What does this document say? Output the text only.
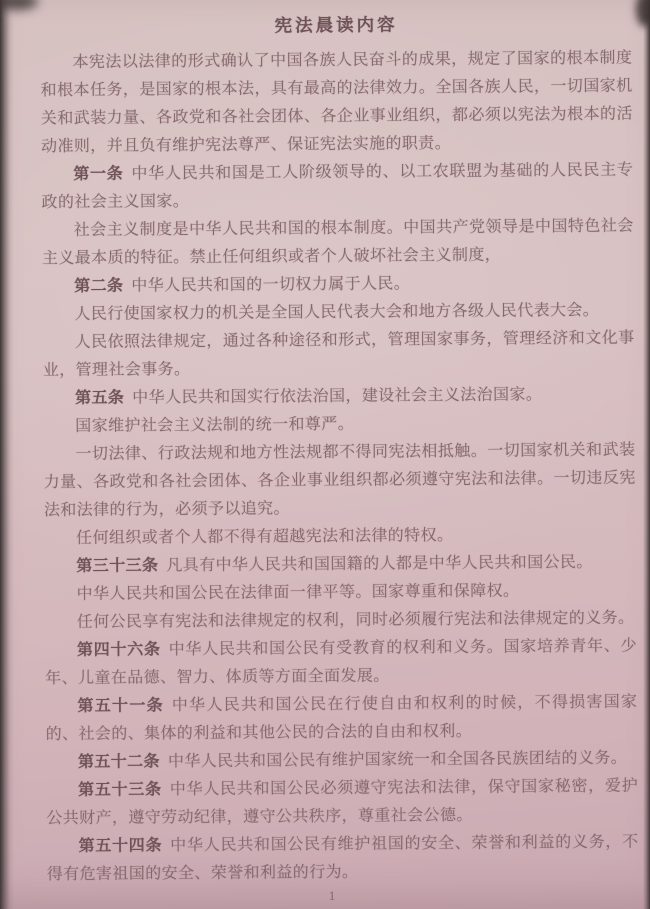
宪法晨读内容

本宪法以法律的形式确认了中国各族人民奋斗的成果，规定了国家的根本制度和根本任务，是国家的根本法，具有最高的法律效力。全国各族人民，一切国家机关和武装力量、各政党和各社会团体、各企业事业组织，都必须以宪法为根本的活动准则，并且负有维护宪法尊严、保证宪法实施的职责。

第一条 中华人民共和国是工人阶级领导的、以工农联盟为基础的人民民主专政的社会主义国家。

社会主义制度是中华人民共和国的根本制度。中国共产党领导是中国特色社会主义最本质的特征。禁止任何组织或者个人破坏社会主义制度，

第二条 中华人民共和国的一切权力属于人民。

人民行使国家权力的机关是全国人民代表大会和地方各级人民代表大会。

人民依照法律规定，通过各种途径和形式，管理国家事务，管理经济和文化事业，管理社会事务。

第五条 中华人民共和国实行依法治国，建设社会主义法治国家。

国家维护社会主义法制的统一和尊严。

一切法律、行政法规和地方性法规都不得同宪法相抵触。一切国家机关和武装力量、各政党和各社会团体、各企业事业组织都必须遵守宪法和法律。一切违反宪法和法律的行为，必须予以追究。

任何组织或者个人都不得有超越宪法和法律的特权。

第三十三条 凡具有中华人民共和国国籍的人都是中华人民共和国公民。

中华人民共和国公民在法律面一律平等。国家尊重和保障权。

任何公民享有宪法和法律规定的权利，同时必须履行宪法和法律规定的义务。

第四十六条 中华人民共和国公民有受教育的权利和义务。国家培养青年、少年、儿童在品德、智力、体质等方面全面发展。

第五十一条 中华人民共和国公民在行使自由和权利的时候，不得损害国家的、社会的、集体的利益和其他公民的合法的自由和权利。

第五十二条 中华人民共和国公民有维护国家统一和全国各民族团结的义务。

第五十三条 中华人民共和国公民必须遵守宪法和法律，保守国家秘密，爱护公共财产，遵守劳动纪律，遵守公共秩序，尊重社会公德。

第五十四条 中华人民共和国公民有维护祖国的安全、荣誉和利益的义务，不得有危害祖国的安全、荣誉和利益的行为。

1
